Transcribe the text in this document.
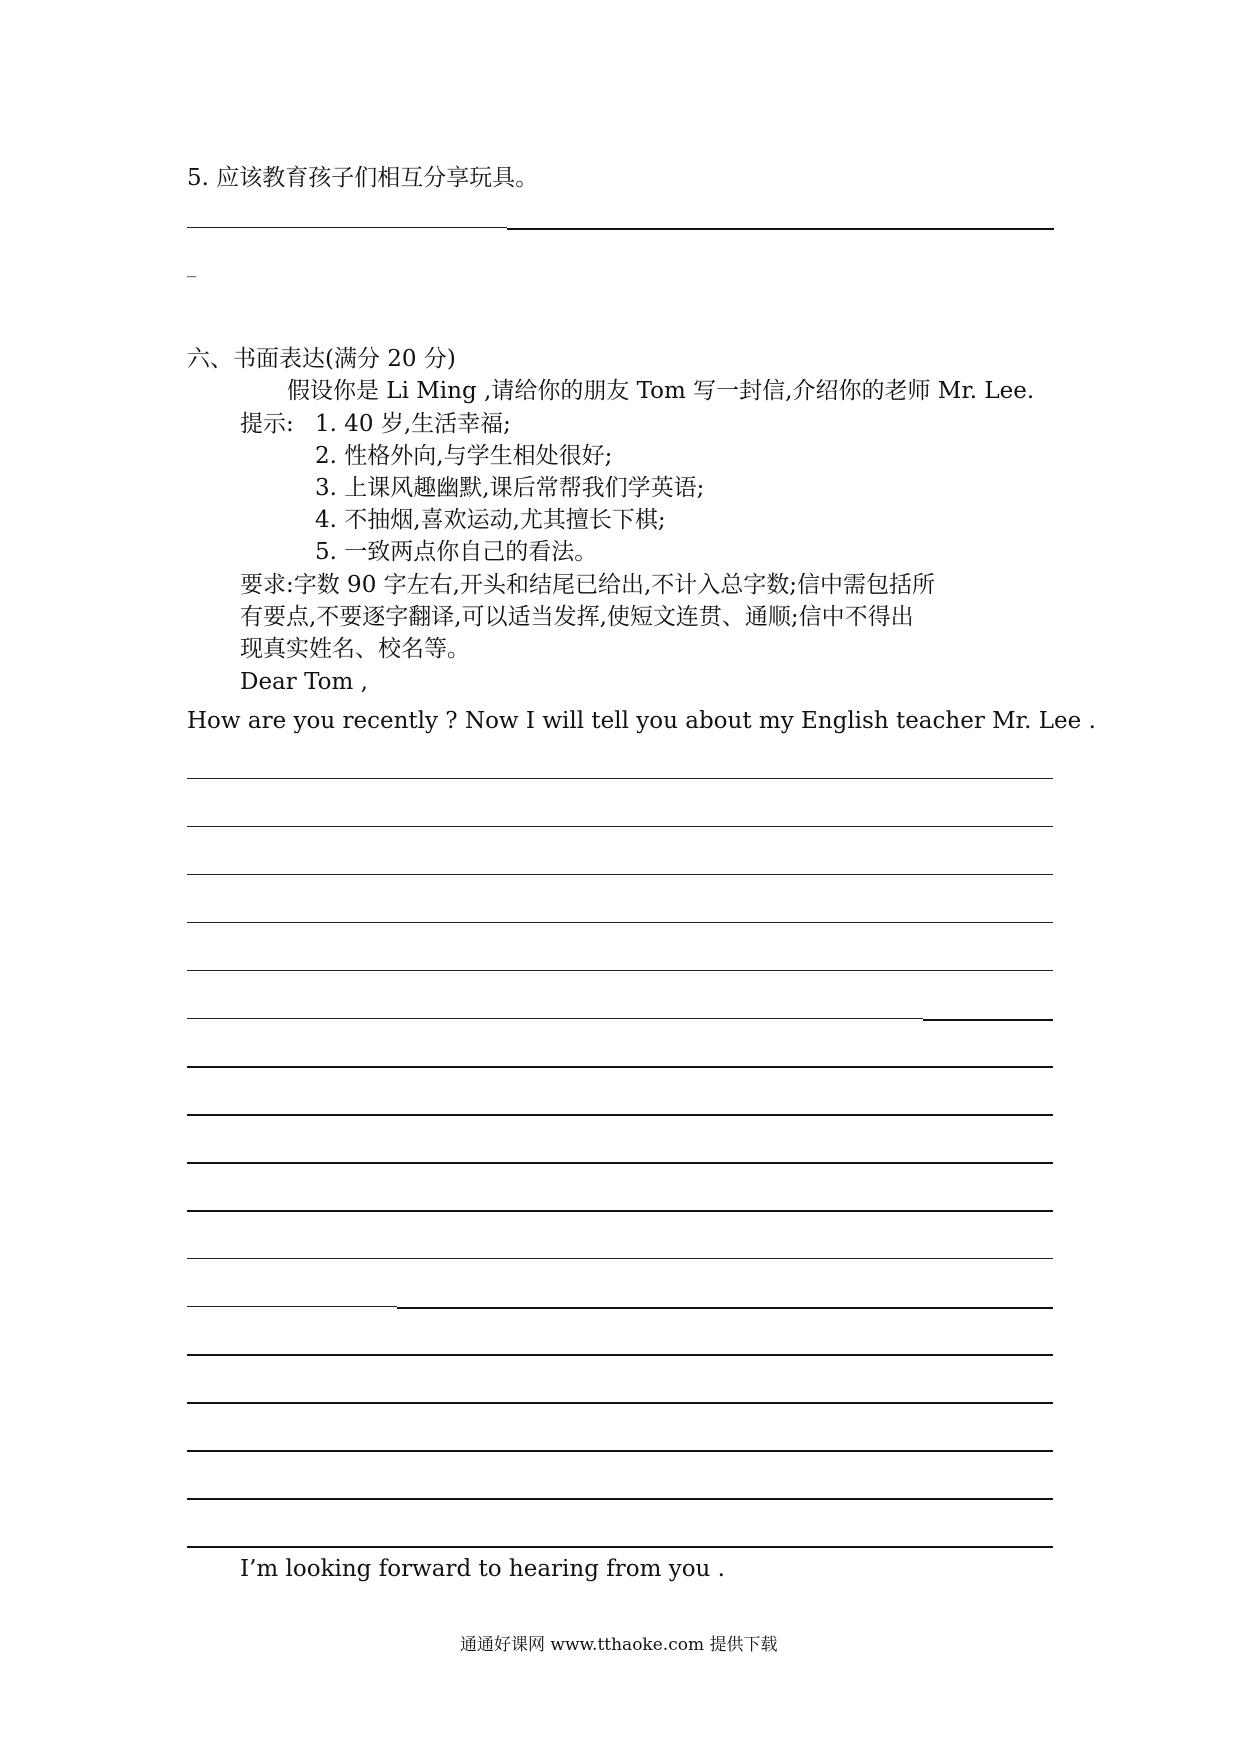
5. 应该教育孩子们相互分享玩具。
_
六、书面表达(满分 20 分)
假设你是 Li Ming ,请给你的朋友 Tom 写一封信,介绍你的老师 Mr. Lee.
提示: 1. 40 岁,生活幸福;
2. 性格外向,与学生相处很好;
3. 上课风趣幽默,课后常帮我们学英语;
4. 不抽烟,喜欢运动,尤其擅长下棋;
5. 一致两点你自己的看法。
要求:字数 90 字左右,开头和结尾已给出,不计入总字数;信中需包括所
有要点,不要逐字翻译,可以适当发挥,使短文连贯、通顺;信中不得出
现真实姓名、校名等。
Dear Tom ,
How are you recently ? Now I will tell you about my English teacher Mr. Lee .
I’m looking forward to hearing from you .
通通好课网 www.tthaoke.com 提供下载
